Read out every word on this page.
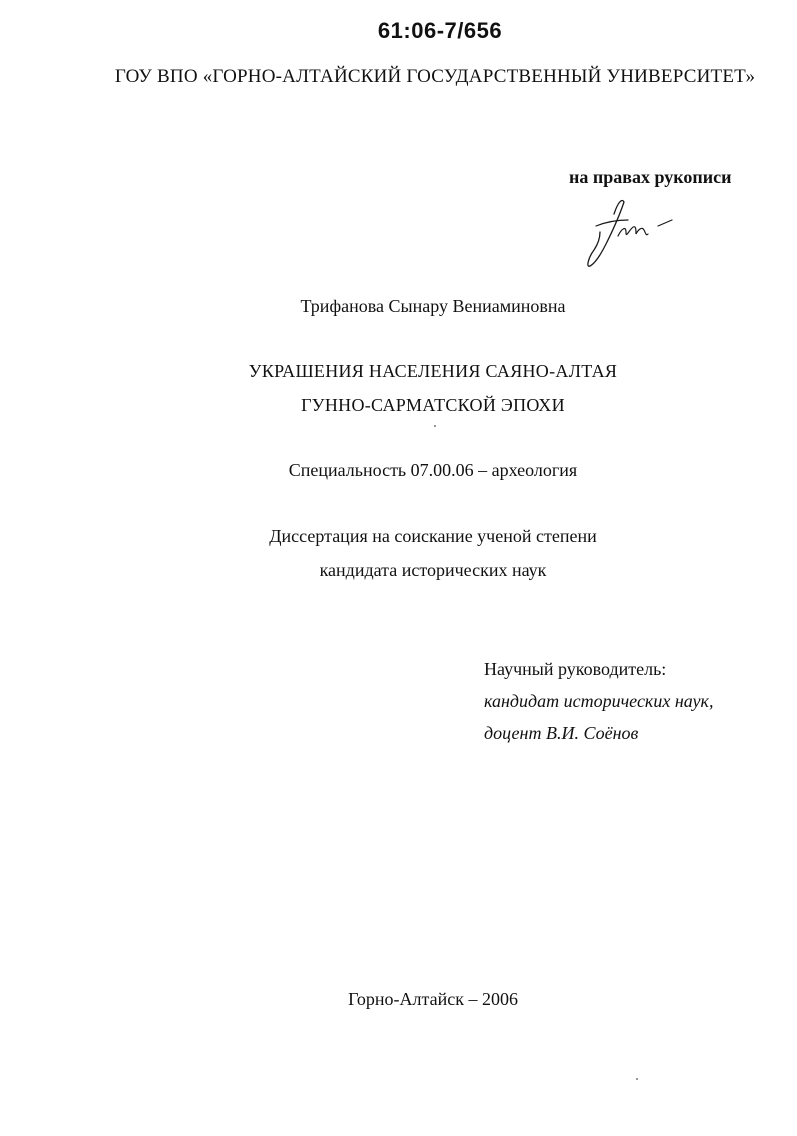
61:06-7/656
ГОУ ВПО «ГОРНО-АЛТАЙСКИЙ ГОСУДАРСТВЕННЫЙ УНИВЕРСИТЕТ»
на правах рукописи
Трифанова Сынару Вениаминовна
УКРАШЕНИЯ НАСЕЛЕНИЯ САЯНО-АЛТАЯ
ГУННО-САРМАТСКОЙ ЭПОХИ
Специальность 07.00.06 – археология
Диссертация на соискание ученой степени
кандидата исторических наук
Научный руководитель:
кандидат исторических наук,
доцент В.И. Соёнов
Горно-Алтайск – 2006
